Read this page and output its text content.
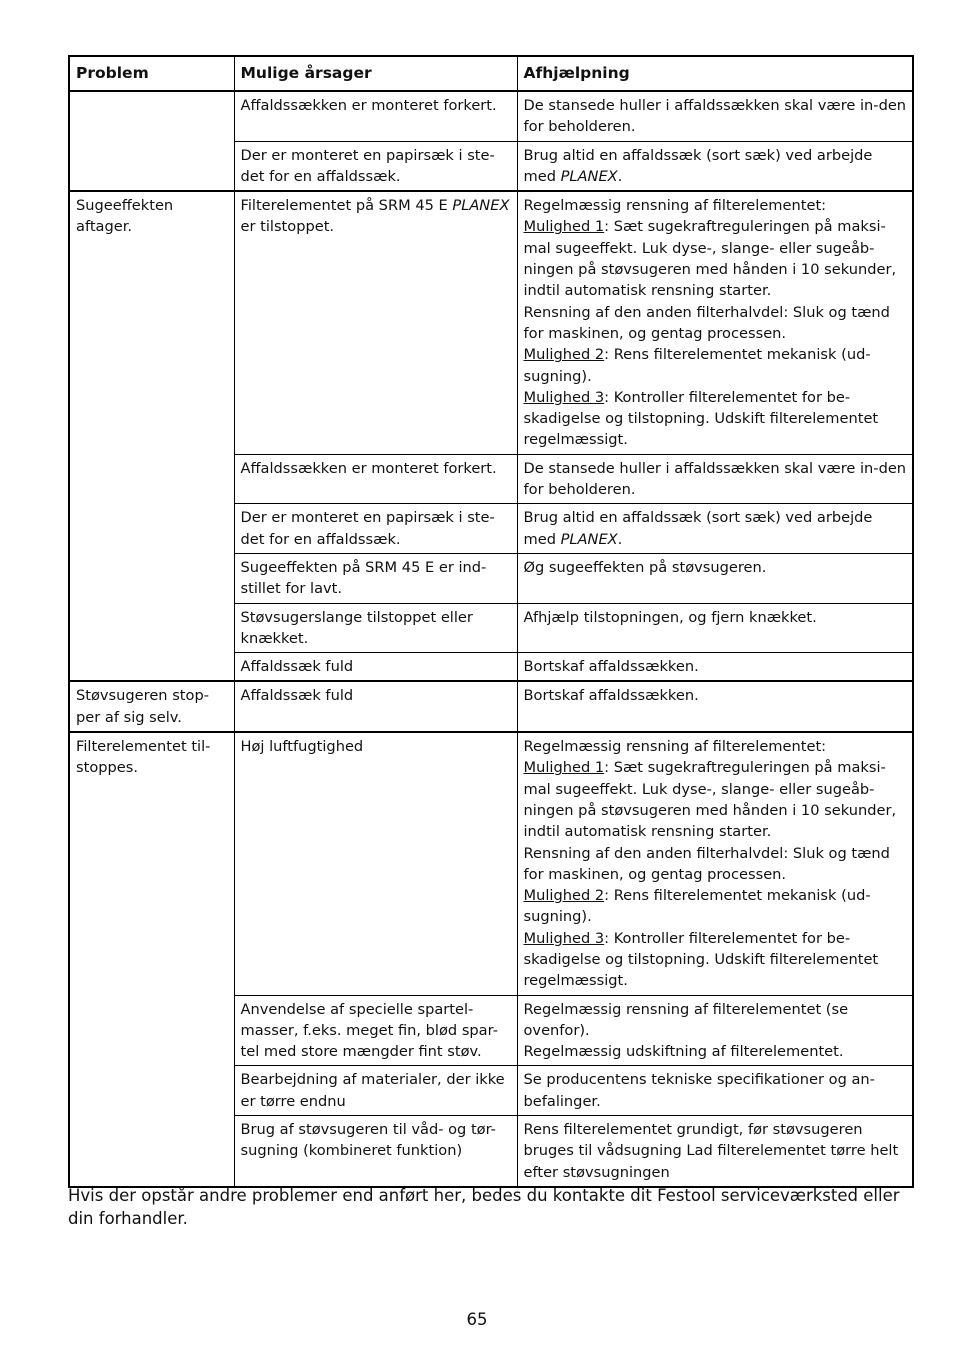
Problem	Mulige årsager	Afhjælpning
	Affaldssækken er monteret forkert.	De stansede huller i affaldssækken skal være in-den for beholderen.
	Der er monteret en papirsæk i ste-det for en affaldssæk.	Brug altid en affaldssæk (sort sæk) ved arbejde med PLANEX.
Sugeeffekten aftager.	Filterelementet på SRM 45 E PLANEX er tilstoppet.	Regelmæssig rensning af filterelementet:
Mulighed 1: Sæt sugekraftreguleringen på maksi-mal sugeeffekt. Luk dyse-, slange- eller sugeåb-ningen på støvsugeren med hånden i 10 sekunder, indtil automatisk rensning starter.
Rensning af den anden filterhalvdel: Sluk og tænd for maskinen, og gentag processen.
Mulighed 2: Rens filterelementet mekanisk (ud-sugning).
Mulighed 3: Kontroller filterelementet for be-skadigelse og tilstopning. Udskift filterelementet regelmæssigt.

	Affaldssækken er monteret forkert.	De stansede huller i affaldssækken skal være in-den for beholderen.
	Der er monteret en papirsæk i ste-det for en affaldssæk.	Brug altid en affaldssæk (sort sæk) ved arbejde med PLANEX.
	Sugeeffekten på SRM 45 E er ind-stillet for lavt.	Øg sugeeffekten på støvsugeren.
	Støvsugerslange tilstoppet eller knækket.	Afhjælp tilstopningen, og fjern knækket.
	Affaldssæk fuld	Bortskaf affaldssækken.
Støvsugeren stop-per af sig selv.	Affaldssæk fuld	Bortskaf affaldssækken.
Filterelementet til-stoppes.	Høj luftfugtighed	Regelmæssig rensning af filterelementet:
Mulighed 1: Sæt sugekraftreguleringen på maksi-mal sugeeffekt. Luk dyse-, slange- eller sugeåb-ningen på støvsugeren med hånden i 10 sekunder, indtil automatisk rensning starter.
Rensning af den anden filterhalvdel: Sluk og tænd for maskinen, og gentag processen.
Mulighed 2: Rens filterelementet mekanisk (ud-sugning).
Mulighed 3: Kontroller filterelementet for be-skadigelse og tilstopning. Udskift filterelementet regelmæssigt.

	Anvendelse af specielle spartel-masser, f.eks. meget fin, blød spar-tel med store mængder fint støv.	Regelmæssig rensning af filterelementet (se ovenfor).
Regelmæssig udskiftning af filterelementet.

	Bearbejdning af materialer, der ikke er tørre endnu	Se producentens tekniske specifikationer og an-befalinger.
	Brug af støvsugeren til våd- og tør-sugning (kombineret funktion)	Rens filterelementet grundigt, før støvsugeren bruges til vådsugning Lad filterelementet tørre helt efter støvsugningen

Hvis der opstår andre problemer end anført her, bedes du kontakte dit Festool serviceværksted eller din forhandler.

65
